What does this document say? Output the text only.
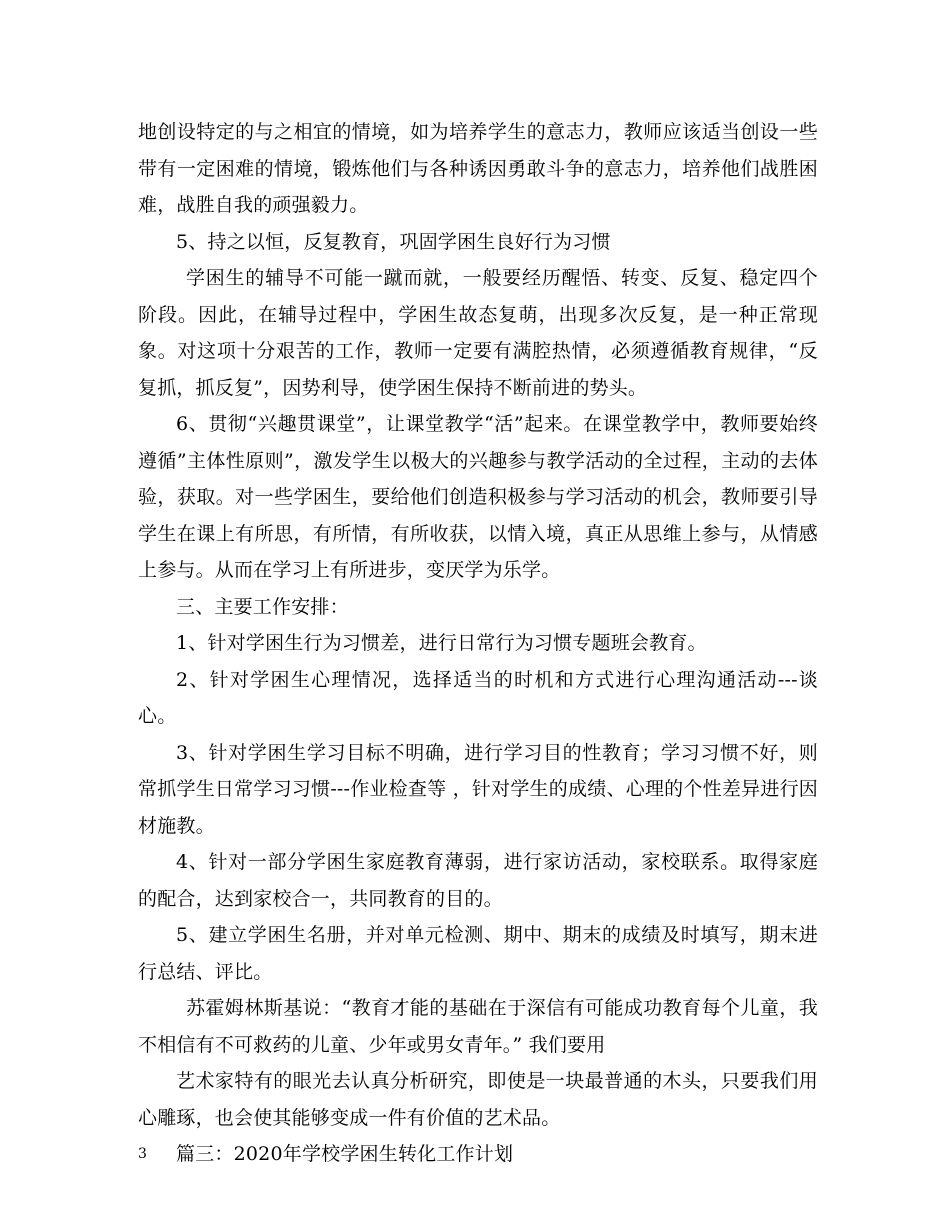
地创设特定的与之相宜的情境，如为培养学生的意志力，教师应该适当创设一些带有一定困难的情境，锻炼他们与各种诱因勇敢斗争的意志力，培养他们战胜困难，战胜自我的顽强毅力。

5、持之以恒，反复教育，巩固学困生良好行为习惯

学困生的辅导不可能一蹴而就，一般要经历醒悟、转变、反复、稳定四个阶段。因此，在辅导过程中，学困生故态复萌，出现多次反复，是一种正常现象。对这项十分艰苦的工作，教师一定要有满腔热情，必须遵循教育规律，“反复抓，抓反复”，因势利导，使学困生保持不断前进的势头。

6、贯彻“兴趣贯课堂”，让课堂教学“活”起来。在课堂教学中，教师要始终遵循”主体性原则”，激发学生以极大的兴趣参与教学活动的全过程，主动的去体验，获取。对一些学困生，要给他们创造积极参与学习活动的机会，教师要引导学生在课上有所思，有所情，有所收获，以情入境，真正从思维上参与，从情感上参与。从而在学习上有所进步，变厌学为乐学。

三、主要工作安排：

1、针对学困生行为习惯差，进行日常行为习惯专题班会教育。

2、针对学困生心理情况，选择适当的时机和方式进行心理沟通活动---谈心。

3、针对学困生学习目标不明确，进行学习目的性教育；学习习惯不好，则常抓学生日常学习习惯---作业检查等 ，针对学生的成绩、心理的个性差异进行因材施教。

4、针对一部分学困生家庭教育薄弱，进行家访活动，家校联系。取得家庭的配合，达到家校合一，共同教育的目的。

5、建立学困生名册，并对单元检测、期中、期末的成绩及时填写，期末进行总结、评比。

苏霍姆林斯基说：“教育才能的基础在于深信有可能成功教育每个儿童，我不相信有不可救药的儿童、少年或男女青年。” 我们要用

艺术家特有的眼光去认真分析研究，即使是一块最普通的木头，只要我们用心雕琢，也会使其能够变成一件有价值的艺术品。

篇三：2020年学校学困生转化工作计划

3
